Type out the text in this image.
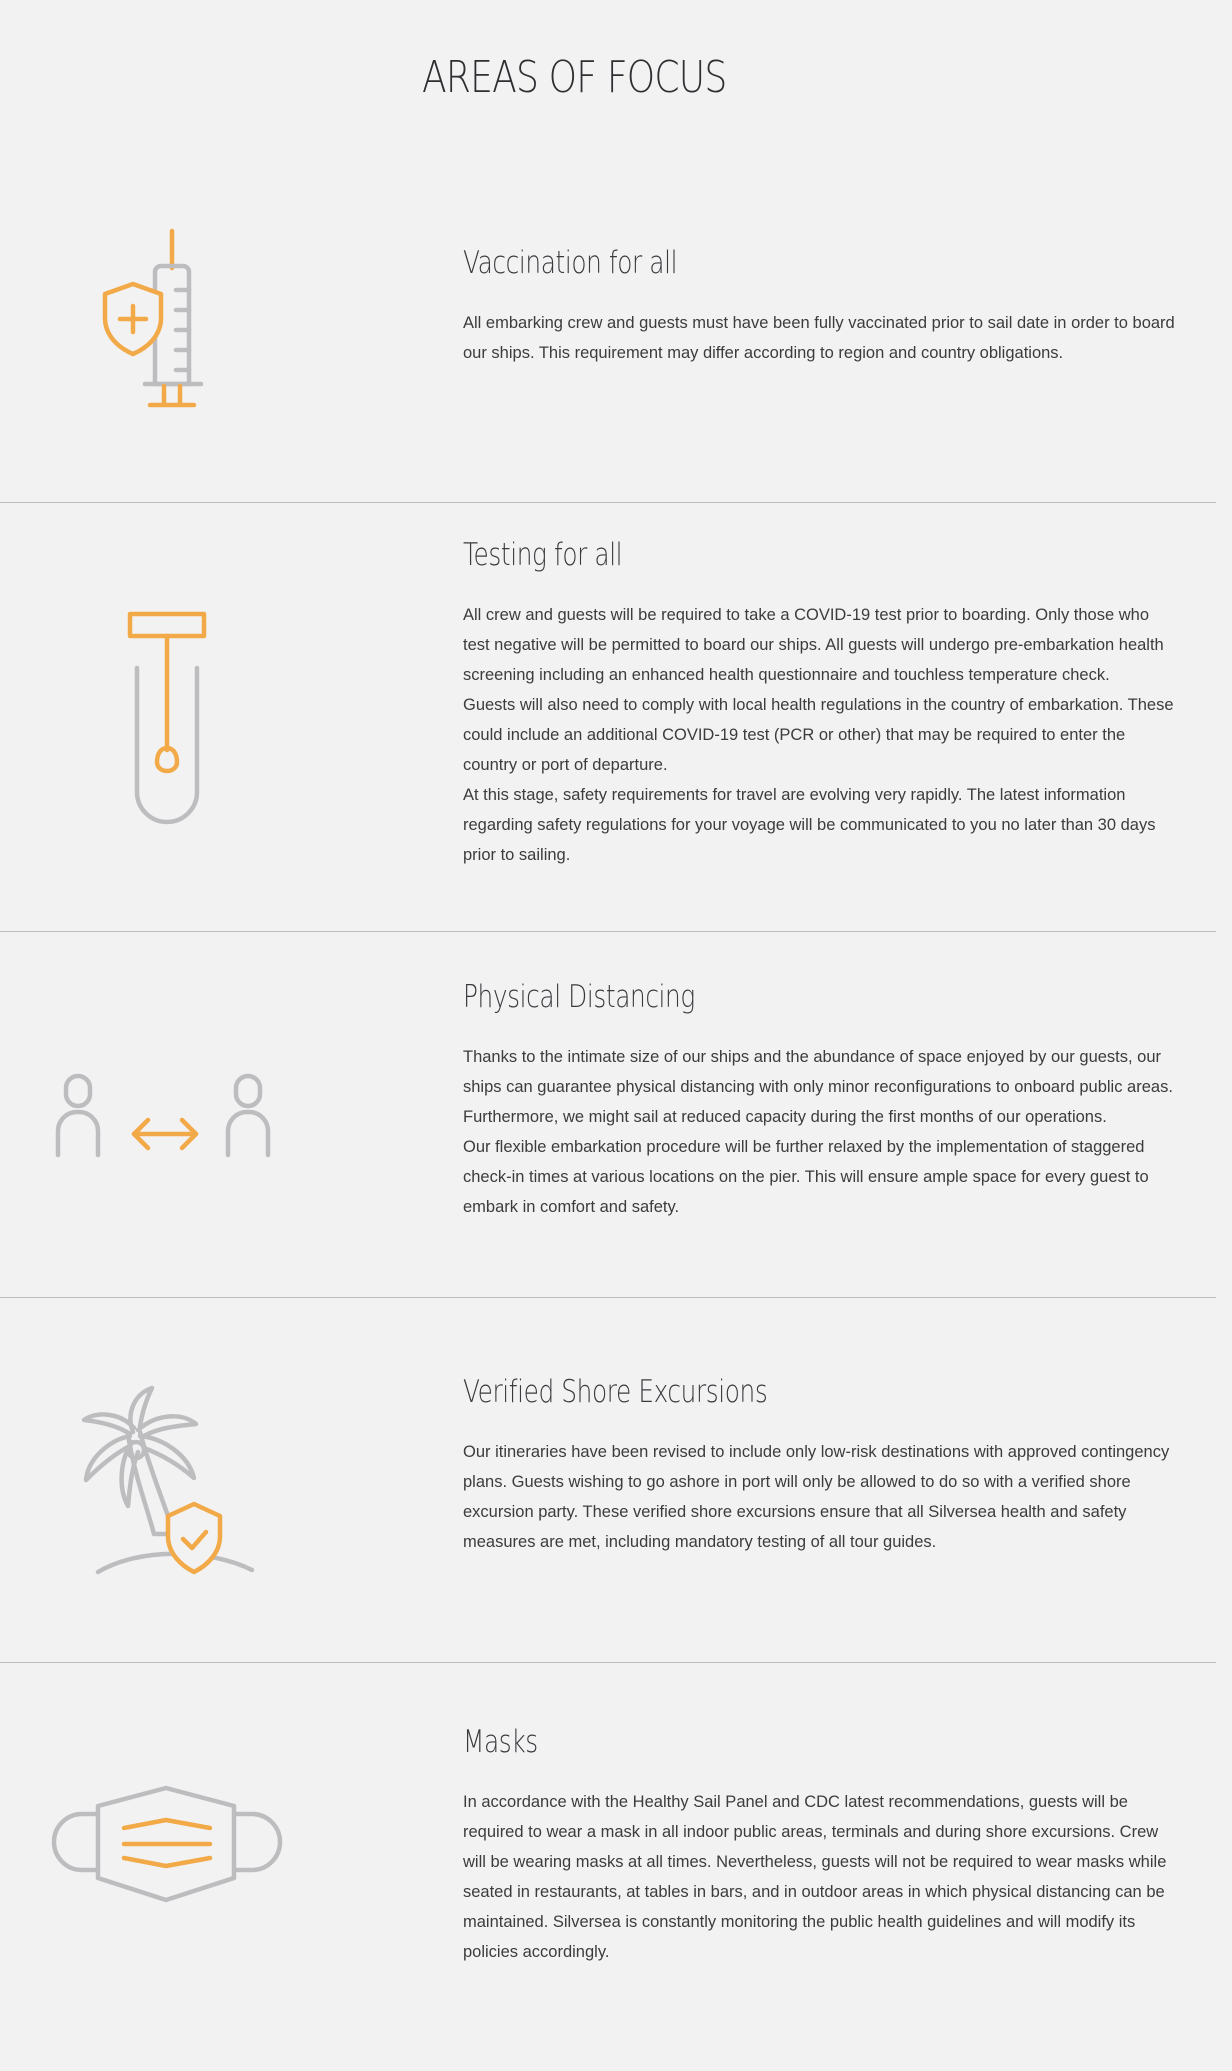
AREAS OF FOCUS
Vaccination for all

All embarking crew and guests must have been fully vaccinated prior to sail date in order to board our ships. This requirement may differ according to region and country obligations.

Testing for all

All crew and guests will be required to take a COVID-19 test prior to boarding. Only those who test negative will be permitted to board our ships. All guests will undergo pre-embarkation health screening including an enhanced health questionnaire and touchless temperature check.

Guests will also need to comply with local health regulations in the country of embarkation. These could include an additional COVID-19 test (PCR or other) that may be required to enter the country or port of departure.

At this stage, safety requirements for travel are evolving very rapidly. The latest information regarding safety regulations for your voyage will be communicated to you no later than 30 days prior to sailing.

Physical Distancing

Thanks to the intimate size of our ships and the abundance of space enjoyed by our guests, our ships can guarantee physical distancing with only minor reconfigurations to onboard public areas. Furthermore, we might sail at reduced capacity during the first months of our operations.

Our flexible embarkation procedure will be further relaxed by the implementation of staggered check-in times at various locations on the pier. This will ensure ample space for every guest to embark in comfort and safety.

Verified Shore Excursions

Our itineraries have been revised to include only low-risk destinations with approved contingency plans. Guests wishing to go ashore in port will only be allowed to do so with a verified shore excursion party. These verified shore excursions ensure that all Silversea health and safety measures are met, including mandatory testing of all tour guides.

Masks

In accordance with the Healthy Sail Panel and CDC latest recommendations, guests will be required to wear a mask in all indoor public areas, terminals and during shore excursions. Crew will be wearing masks at all times. Nevertheless, guests will not be required to wear masks while seated in restaurants, at tables in bars, and in outdoor areas in which physical distancing can be maintained. Silversea is constantly monitoring the public health guidelines and will modify its policies accordingly.
